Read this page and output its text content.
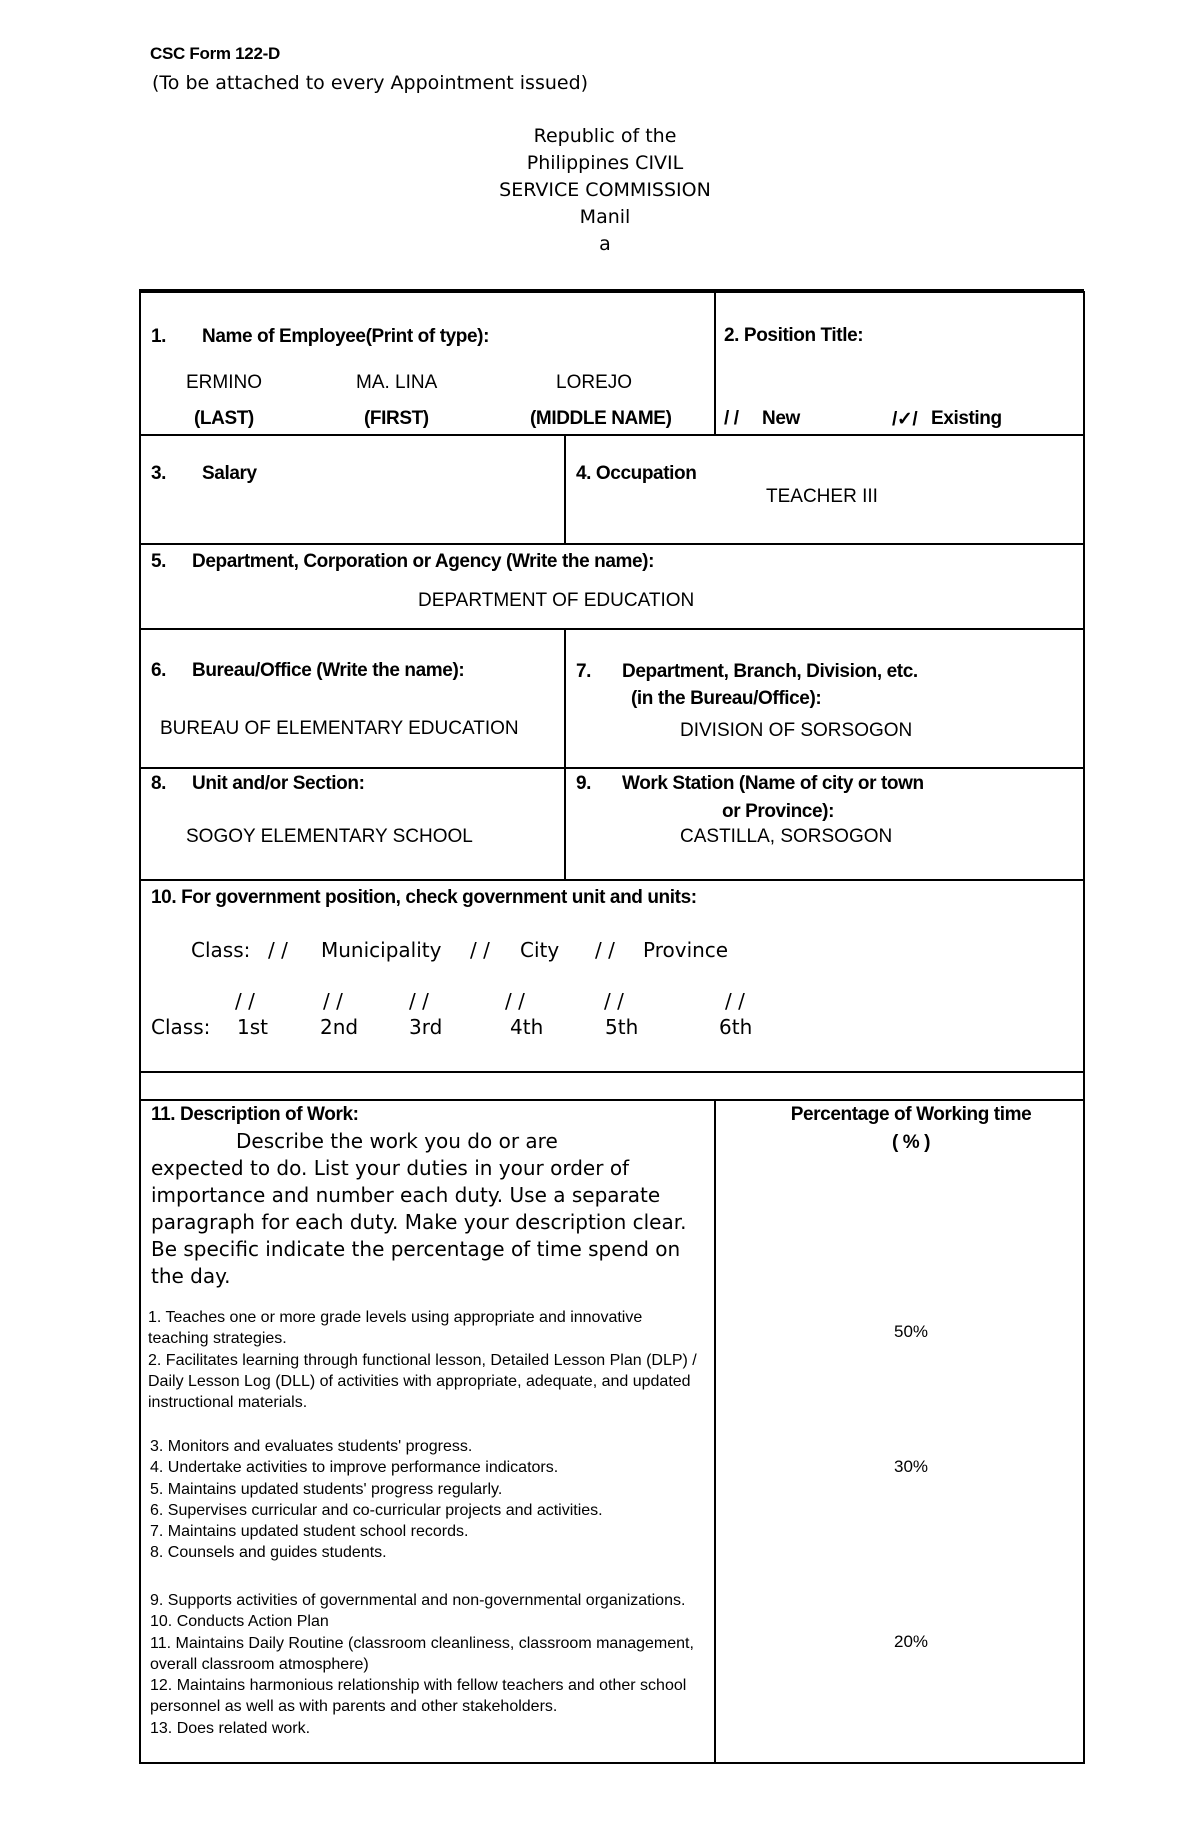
CSC Form 122-D
(To be attached to every Appointment issued)
Republic of the
Philippines CIVIL
SERVICE COMMISSION
Manil
a
1. Name of Employee(Print of type):
ERMINO	MA. LINA	LOREJO
(LAST)	(FIRST)	(MIDDLE NAME)
2. Position Title:
/ / New	/✓/ Existing
3. Salary	4. Occupation
TEACHER III
5. Department, Corporation or Agency (Write the name):
DEPARTMENT OF EDUCATION
6. Bureau/Office (Write the name):
BUREAU OF ELEMENTARY EDUCATION
7. Department, Branch, Division, etc.
(in the Bureau/Office):
DIVISION OF SORSOGON
8. Unit and/or Section:
SOGOY ELEMENTARY SCHOOL
9. Work Station (Name of city or town
or Province):
CASTILLA, SORSOGON
10. For government position, check government unit and units:
Class: / / Municipality / / City / / Province
/ /	/ /	/ /	/ /	/ /	/ /
Class: 1st	2nd	3rd	4th	5th	6th
11. Description of Work:
Describe the work you do or are
expected to do. List your duties in your order of importance and number each duty. Use a separate paragraph for each duty. Make your description clear. Be specific indicate the percentage of time spend on the day.
Percentage of Working time
( % )
1. Teaches one or more grade levels using appropriate and innovative teaching strategies.
2. Facilitates learning through functional lesson, Detailed Lesson Plan (DLP) / Daily Lesson Log (DLL) of activities with appropriate, adequate, and updated instructional materials.
50%
3. Monitors and evaluates students' progress.
4. Undertake activities to improve performance indicators.
5. Maintains updated students' progress regularly.
6. Supervises curricular and co-curricular projects and activities.
7. Maintains updated student school records.
8. Counsels and guides students.
30%
9. Supports activities of governmental and non-governmental organizations.
10. Conducts Action Plan
11. Maintains Daily Routine (classroom cleanliness, classroom management, overall classroom atmosphere)
12. Maintains harmonious relationship with fellow teachers and other school personnel as well as with parents and other stakeholders.
13. Does related work.
20%
